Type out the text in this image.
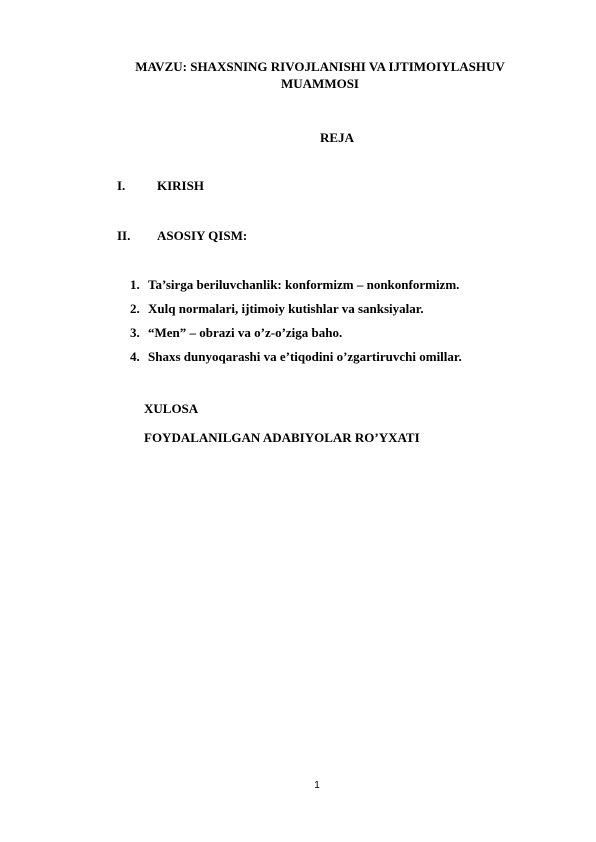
MAVZU: SHAXSNING RIVOJLANISHI VA IJTIMOIYLASHUV
MUAMMOSI
REJA
I. KIRISH
II. ASOSIY QISM:
1. Ta’sirga beriluvchanlik: konformizm – nonkonformizm.
2. Xulq normalari, ijtimoiy kutishlar va sanksiyalar.
3. “Men” – obrazi va o’z-o’ziga baho.
4. Shaxs dunyoqarashi va e’tiqodini o’zgartiruvchi omillar.
XULOSA
FOYDALANILGAN ADABIYOLAR RO’YXATI
1
